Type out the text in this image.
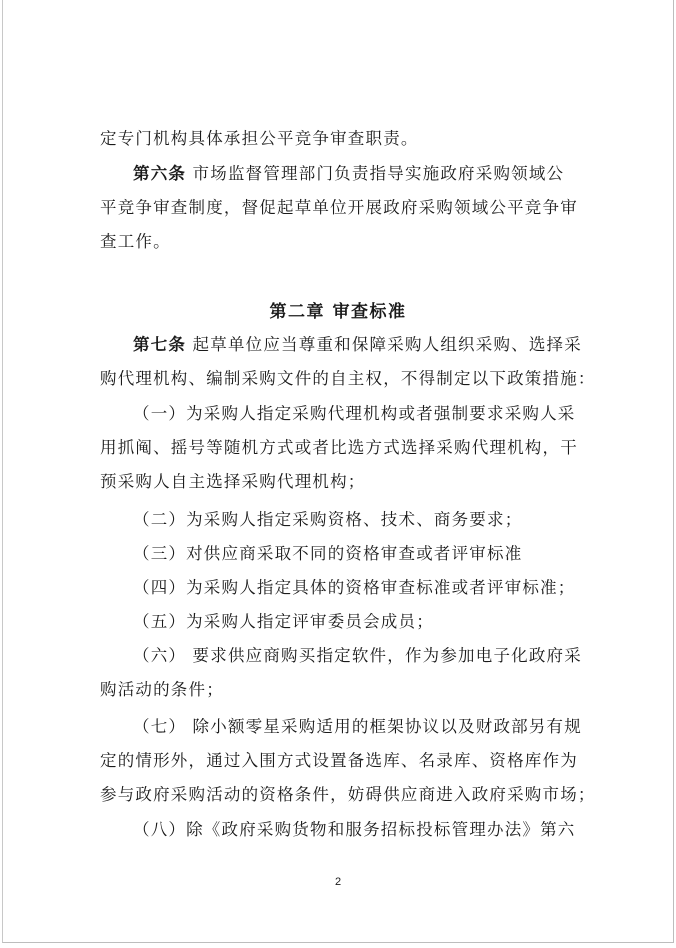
定专门机构具体承担公平竞争审查职责。
第六条 市场监督管理部门负责指导实施政府采购领域公
平竞争审查制度，督促起草单位开展政府采购领域公平竞争审
查工作。
第二章 审查标准
第七条 起草单位应当尊重和保障采购人组织采购、选择采
购代理机构、编制采购文件的自主权，不得制定以下政策措施：
（一）为采购人指定采购代理机构或者强制要求采购人采
用抓阄、摇号等随机方式或者比选方式选择采购代理机构，干
预采购人自主选择采购代理机构；
（二）为采购人指定采购资格、技术、商务要求；
（三）对供应商采取不同的资格审查或者评审标准
（四）为采购人指定具体的资格审查标准或者评审标准；
（五）为采购人指定评审委员会成员；
（六） 要求供应商购买指定软件，作为参加电子化政府采
购活动的条件；
（七） 除小额零星采购适用的框架协议以及财政部另有规
定的情形外，通过入围方式设置备选库、名录库、资格库作为
参与政府采购活动的资格条件，妨碍供应商进入政府采购市场；
（八）除《政府采购货物和服务招标投标管理办法》第六
2
